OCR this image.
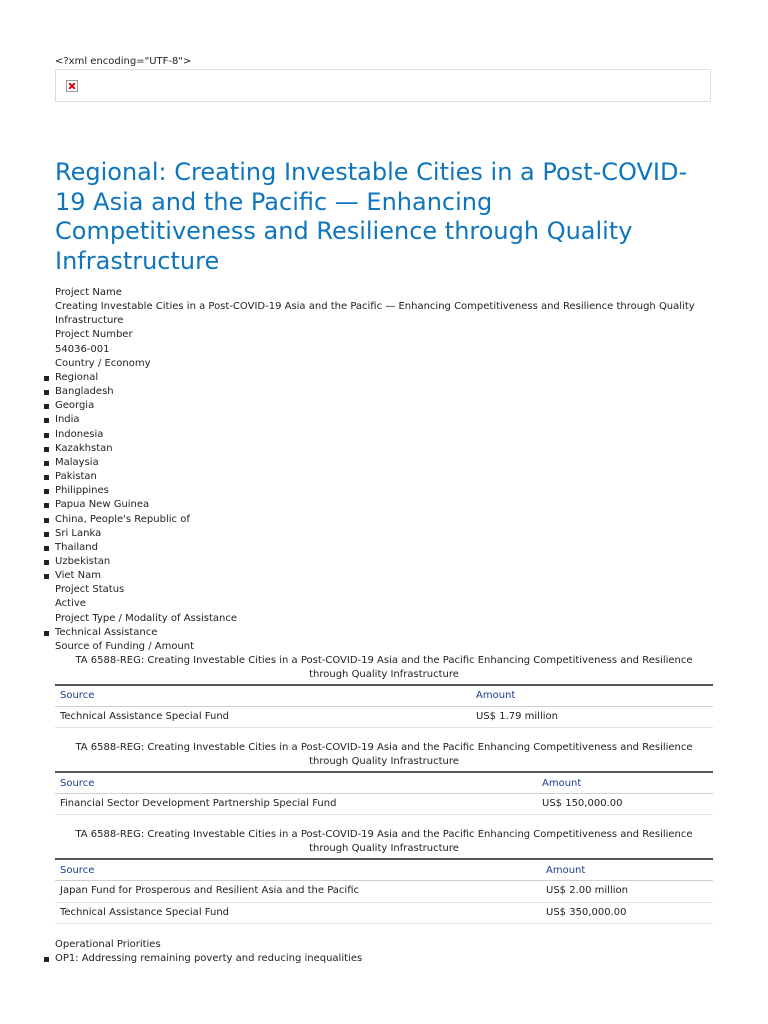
<?xml encoding="UTF-8">
Regional: Creating Investable Cities in a Post-COVID-19 Asia and the Pacific — Enhancing Competitiveness and Resilience through Quality Infrastructure
Project Name
Creating Investable Cities in a Post-COVID-19 Asia and the Pacific — Enhancing Competitiveness and Resilience through Quality Infrastructure
Project Number
54036-001
Country / Economy
Regional
Bangladesh
Georgia
India
Indonesia
Kazakhstan
Malaysia
Pakistan
Philippines
Papua New Guinea
China, People's Republic of
Sri Lanka
Thailand
Uzbekistan
Viet Nam
Project Status
Active
Project Type / Modality of Assistance
Technical Assistance
Source of Funding / Amount
TA 6588-REG: Creating Investable Cities in a Post-COVID-19 Asia and the Pacific Enhancing Competitiveness and Resilience through Quality Infrastructure
Source	Amount
Technical Assistance Special Fund	US$ 1.79 million
TA 6588-REG: Creating Investable Cities in a Post-COVID-19 Asia and the Pacific Enhancing Competitiveness and Resilience through Quality Infrastructure
Source	Amount
Financial Sector Development Partnership Special Fund	US$ 150,000.00
TA 6588-REG: Creating Investable Cities in a Post-COVID-19 Asia and the Pacific Enhancing Competitiveness and Resilience through Quality Infrastructure
Source	Amount
Japan Fund for Prosperous and Resilient Asia and the Pacific	US$ 2.00 million
Technical Assistance Special Fund	US$ 350,000.00
Operational Priorities
OP1: Addressing remaining poverty and reducing inequalities
